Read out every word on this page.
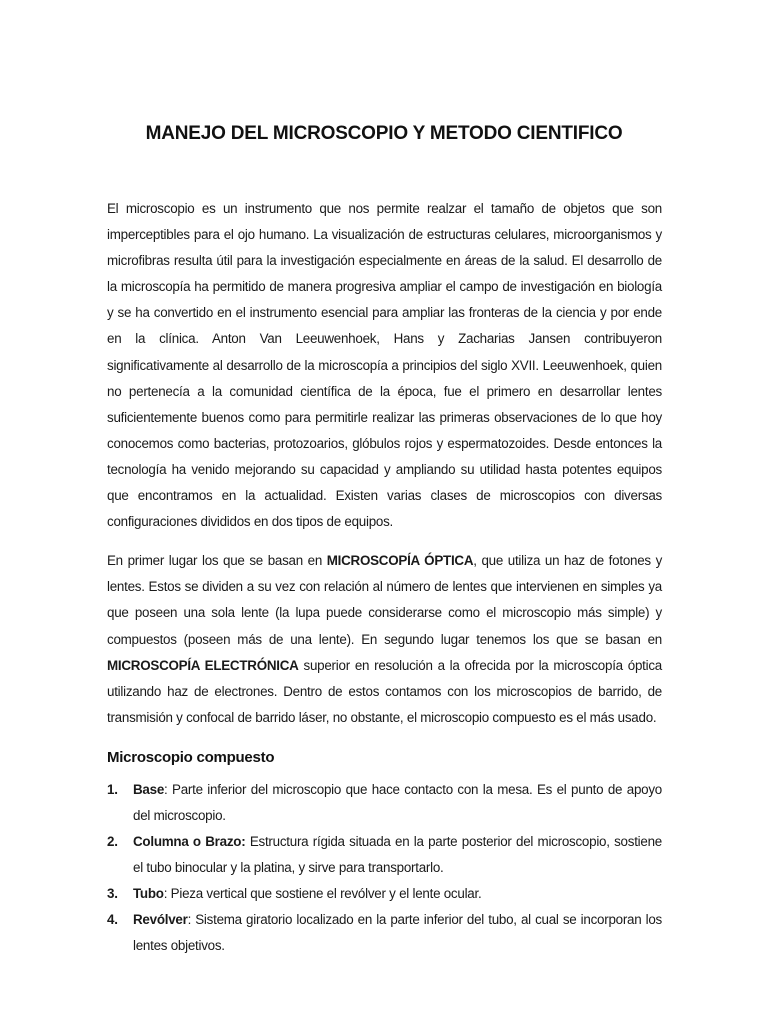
MANEJO DEL MICROSCOPIO Y METODO CIENTIFICO

El microscopio es un instrumento que nos permite realzar el tamaño de objetos que son imperceptibles para el ojo humano. La visualización de estructuras celulares, microorganismos y microfibras resulta útil para la investigación especialmente en áreas de la salud. El desarrollo de la microscopía ha permitido de manera progresiva ampliar el campo de investigación en biología y se ha convertido en el instrumento esencial para ampliar las fronteras de la ciencia y por ende en la clínica. Anton Van Leeuwenhoek, Hans y Zacharias Jansen contribuyeron significativamente al desarrollo de la microscopía a principios del siglo XVII. Leeuwenhoek, quien no pertenecía a la comunidad científica de la época, fue el primero en desarrollar lentes suficientemente buenos como para permitirle realizar las primeras observaciones de lo que hoy conocemos como bacterias, protozoarios, glóbulos rojos y espermatozoides. Desde entonces la tecnología ha venido mejorando su capacidad y ampliando su utilidad hasta potentes equipos que encontramos en la actualidad. Existen varias clases de microscopios con diversas configuraciones divididos en dos tipos de equipos.

En primer lugar los que se basan en MICROSCOPÍA ÓPTICA, que utiliza un haz de fotones y lentes. Estos se dividen a su vez con relación al número de lentes que intervienen en simples ya que poseen una sola lente (la lupa puede considerarse como el microscopio más simple) y compuestos (poseen más de una lente). En segundo lugar tenemos los que se basan en MICROSCOPÍA ELECTRÓNICA superior en resolución a la ofrecida por la microscopía óptica utilizando haz de electrones. Dentro de estos contamos con los microscopios de barrido, de transmisión y confocal de barrido láser, no obstante, el microscopio compuesto es el más usado.

Microscopio compuesto
1. Base: Parte inferior del microscopio que hace contacto con la mesa. Es el punto de apoyo del microscopio.
2. Columna o Brazo: Estructura rígida situada en la parte posterior del microscopio, sostiene el tubo binocular y la platina, y sirve para transportarlo.
3. Tubo: Pieza vertical que sostiene el revólver y el lente ocular.
4. Revólver: Sistema giratorio localizado en la parte inferior del tubo, al cual se incorporan los lentes objetivos.
